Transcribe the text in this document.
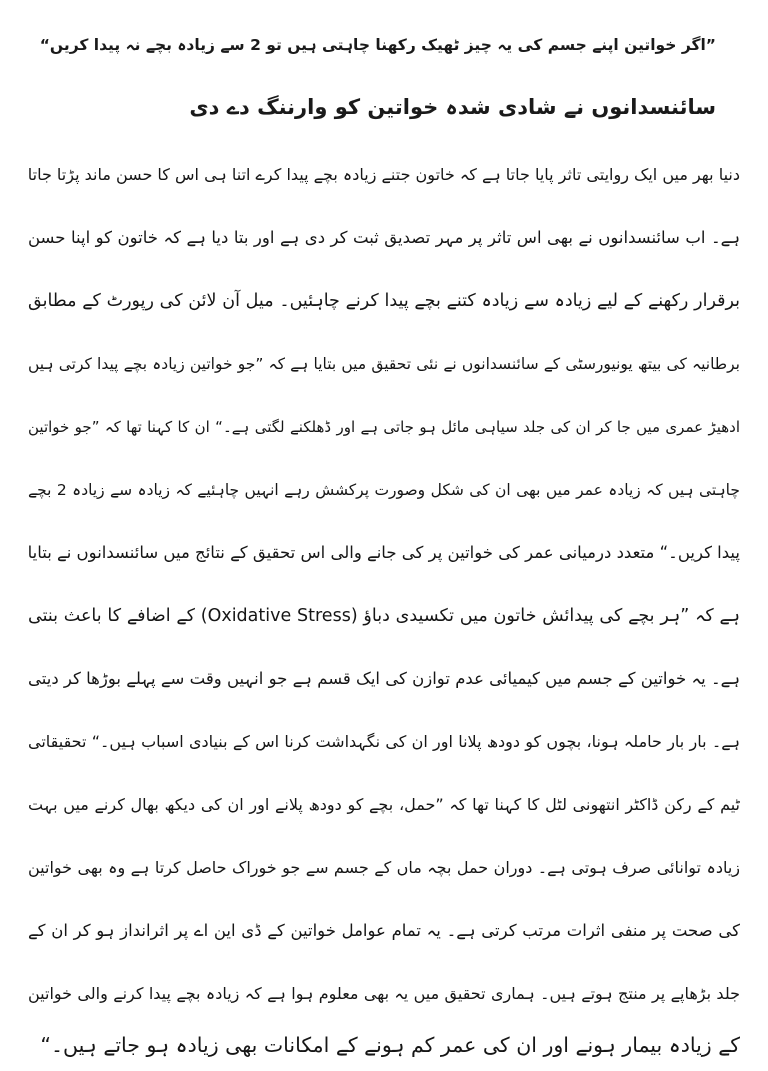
”اگر خواتین اپنے جسم کی یہ چیز ٹھیک رکھنا چاہتی ہیں تو 2 سے زیادہ بچے نہ پیدا کریں“
سائنسدانوں نے شادی شدہ خواتین کو وارننگ دے دی
دنیا بھر میں ایک روایتی تاثر پایا جاتا ہے کہ خاتون جتنے زیادہ بچے پیدا کرے اتنا ہی اس کا حسن ماند پڑتا جاتا
ہے۔ اب سائنسدانوں نے بھی اس تاثر پر مہر تصدیق ثبت کر دی ہے اور بتا دیا ہے کہ خاتون کو اپنا حسن
برقرار رکھنے کے لیے زیادہ سے زیادہ کتنے بچے پیدا کرنے چاہئیں۔ میل آن لائن کی رپورٹ کے مطابق
برطانیہ کی بیتھ یونیورسٹی کے سائنسدانوں نے نئی تحقیق میں بتایا ہے کہ ”جو خواتین زیادہ بچے پیدا کرتی ہیں
ادھیڑ عمری میں جا کر ان کی جلد سیاہی مائل ہو جاتی ہے اور ڈھلکنے لگتی ہے۔“ ان کا کہنا تھا کہ ”جو خواتین
چاہتی ہیں کہ زیادہ عمر میں بھی ان کی شکل وصورت پرکشش رہے انہیں چاہئیے کہ زیادہ سے زیادہ 2 بچے
پیدا کریں۔“ متعدد درمیانی عمر کی خواتین پر کی جانے والی اس تحقیق کے نتائج میں سائنسدانوں نے بتایا
ہے کہ ”ہر بچے کی پیدائش خاتون میں تکسیدی دباؤ (Oxidative Stress) کے اضافے کا باعث بنتی
ہے۔ یہ خواتین کے جسم میں کیمیائی عدم توازن کی ایک قسم ہے جو انہیں وقت سے پہلے بوڑھا کر دیتی
ہے۔ بار بار حاملہ ہونا، بچوں کو دودھ پلانا اور ان کی نگہداشت کرنا اس کے بنیادی اسباب ہیں۔“ تحقیقاتی
ٹیم کے رکن ڈاکٹر انتھونی لٹل کا کہنا تھا کہ ”حمل، بچے کو دودھ پلانے اور ان کی دیکھ بھال کرنے میں بہت
زیادہ توانائی صرف ہوتی ہے۔ دوران حمل بچہ ماں کے جسم سے جو خوراک حاصل کرتا ہے وہ بھی خواتین
کی صحت پر منفی اثرات مرتب کرتی ہے۔ یہ تمام عوامل خواتین کے ڈی این اے پر اثرانداز ہو کر ان کے
جلد بڑھاپے پر منتج ہوتے ہیں۔ ہماری تحقیق میں یہ بھی معلوم ہوا ہے کہ زیادہ بچے پیدا کرنے والی خواتین
کے زیادہ بیمار ہونے اور ان کی عمر کم ہونے کے امکانات بھی زیادہ ہو جاتے ہیں۔“
